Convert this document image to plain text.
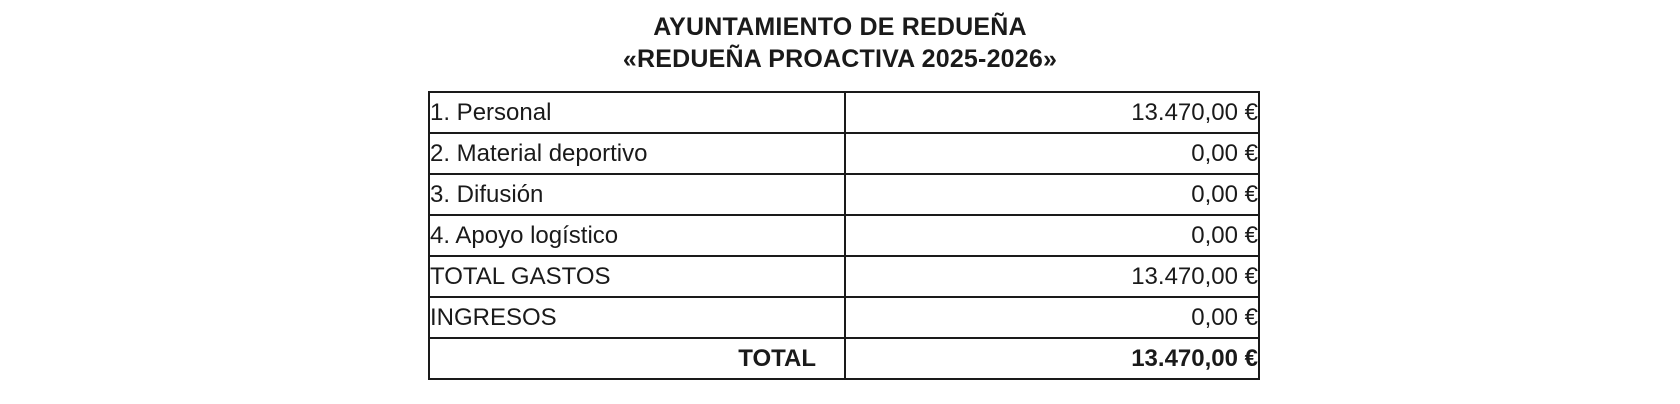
AYUNTAMIENTO DE REDUEÑA
«REDUEÑA PROACTIVA 2025-2026»
1. Personal	13.470,00 €
2. Material deportivo	0,00 €
3. Difusión	0,00 €
4. Apoyo logístico	0,00 €
TOTAL GASTOS	13.470,00 €
INGRESOS	0,00 €
TOTAL	13.470,00 €
